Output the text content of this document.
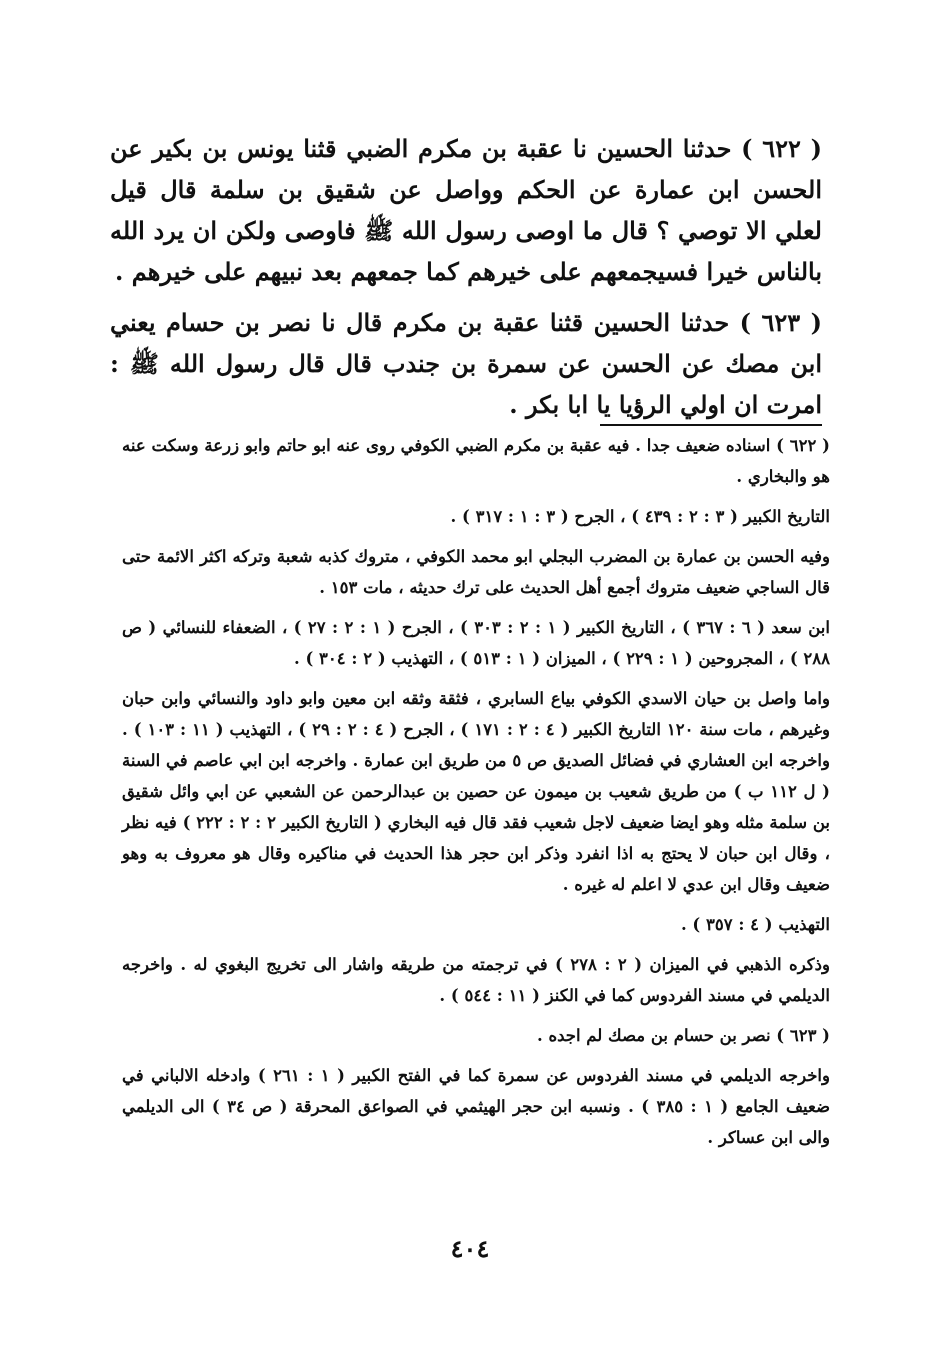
( ٦٢٢ ) حدثنا الحسين نا عقبة بن مكرم الضبي قثنا يونس بن بكير عن الحسن ابن عمارة عن الحكم وواصل عن شقيق بن سلمة قال قيل لعلي الا توصي ؟ قال ما اوصى رسول الله ﷺ فاوصى ولكن ان يرد الله بالناس خيرا فسيجمعهم على خيرهم كما جمعهم بعد نبيهم على خيرهم .

( ٦٢٣ ) حدثنا الحسين قثنا عقبة بن مكرم قال نا نصر بن حسام يعني ابن مصك عن الحسن عن سمرة بن جندب قال قال رسول الله ﷺ : امرت ان اولي الرؤيا يا ابا بكر .

( ٦٢٢ ) اسناده ضعيف جدا . فيه عقبة بن مكرم الضبي الكوفي روى عنه ابو حاتم وابو زرعة وسكت عنه هو والبخاري .

التاريخ الكبير ( ٣ : ٢ : ٤٣٩ ) ، الجرح ( ٣ : ١ : ٣١٧ ) .

وفيه الحسن بن عمارة بن المضرب البجلي ابو محمد الكوفي ، متروك كذبه شعبة وتركه اكثر الائمة حتى قال الساجي ضعيف متروك أجمع أهل الحديث على ترك حديثه ، مات ١٥٣ .

ابن سعد ( ٦ : ٣٦٧ ) ، التاريخ الكبير ( ١ : ٢ : ٣٠٣ ) ، الجرح ( ١ : ٢ : ٢٧ ) ، الضعفاء للنسائي ( ص ٢٨٨ ) ، المجروحين ( ١ : ٢٢٩ ) ، الميزان ( ١ : ٥١٣ ) ، التهذيب ( ٢ : ٣٠٤ ) .

واما واصل بن حيان الاسدي الكوفي بياع السابري ، فثقة وثقه ابن معين وابو داود والنسائي وابن حبان وغيرهم ، مات سنة ١٢٠ التاريخ الكبير ( ٤ : ٢ : ١٧١ ) ، الجرح ( ٤ : ٢ : ٢٩ ) ، التهذيب ( ١١ : ١٠٣ ) . واخرجه ابن العشاري في فضائل الصديق ص ٥ من طريق ابن عمارة . واخرجه ابن ابي عاصم في السنة ( ل ١١٢ ب ) من طريق شعيب بن ميمون عن حصين بن عبدالرحمن عن الشعبي عن ابي وائل شقيق بن سلمة مثله وهو ايضا ضعيف لاجل شعيب فقد قال فيه البخاري ( التاريخ الكبير ٢ : ٢ : ٢٢٢ ) فيه نظر ، وقال ابن حبان لا يحتج به اذا انفرد وذكر ابن حجر هذا الحديث في مناكيره وقال هو معروف به وهو ضعيف وقال ابن عدي لا اعلم له غيره .

التهذيب ( ٤ : ٣٥٧ ) .

وذكره الذهبي في الميزان ( ٢ : ٢٧٨ ) في ترجمته من طريقه واشار الى تخريج البغوي له . واخرجه الديلمي في مسند الفردوس كما في الكنز ( ١١ : ٥٤٤ ) .

( ٦٢٣ ) نصر بن حسام بن مصك لم اجده .

واخرجه الديلمي في مسند الفردوس عن سمرة كما في الفتح الكبير ( ١ : ٢٦١ ) وادخله الالباني في ضعيف الجامع ( ١ : ٣٨٥ ) . ونسبه ابن حجر الهيثمي في الصواعق المحرقة ( ص ٣٤ ) الى الديلمي والى ابن عساكر .

٤٠٤
